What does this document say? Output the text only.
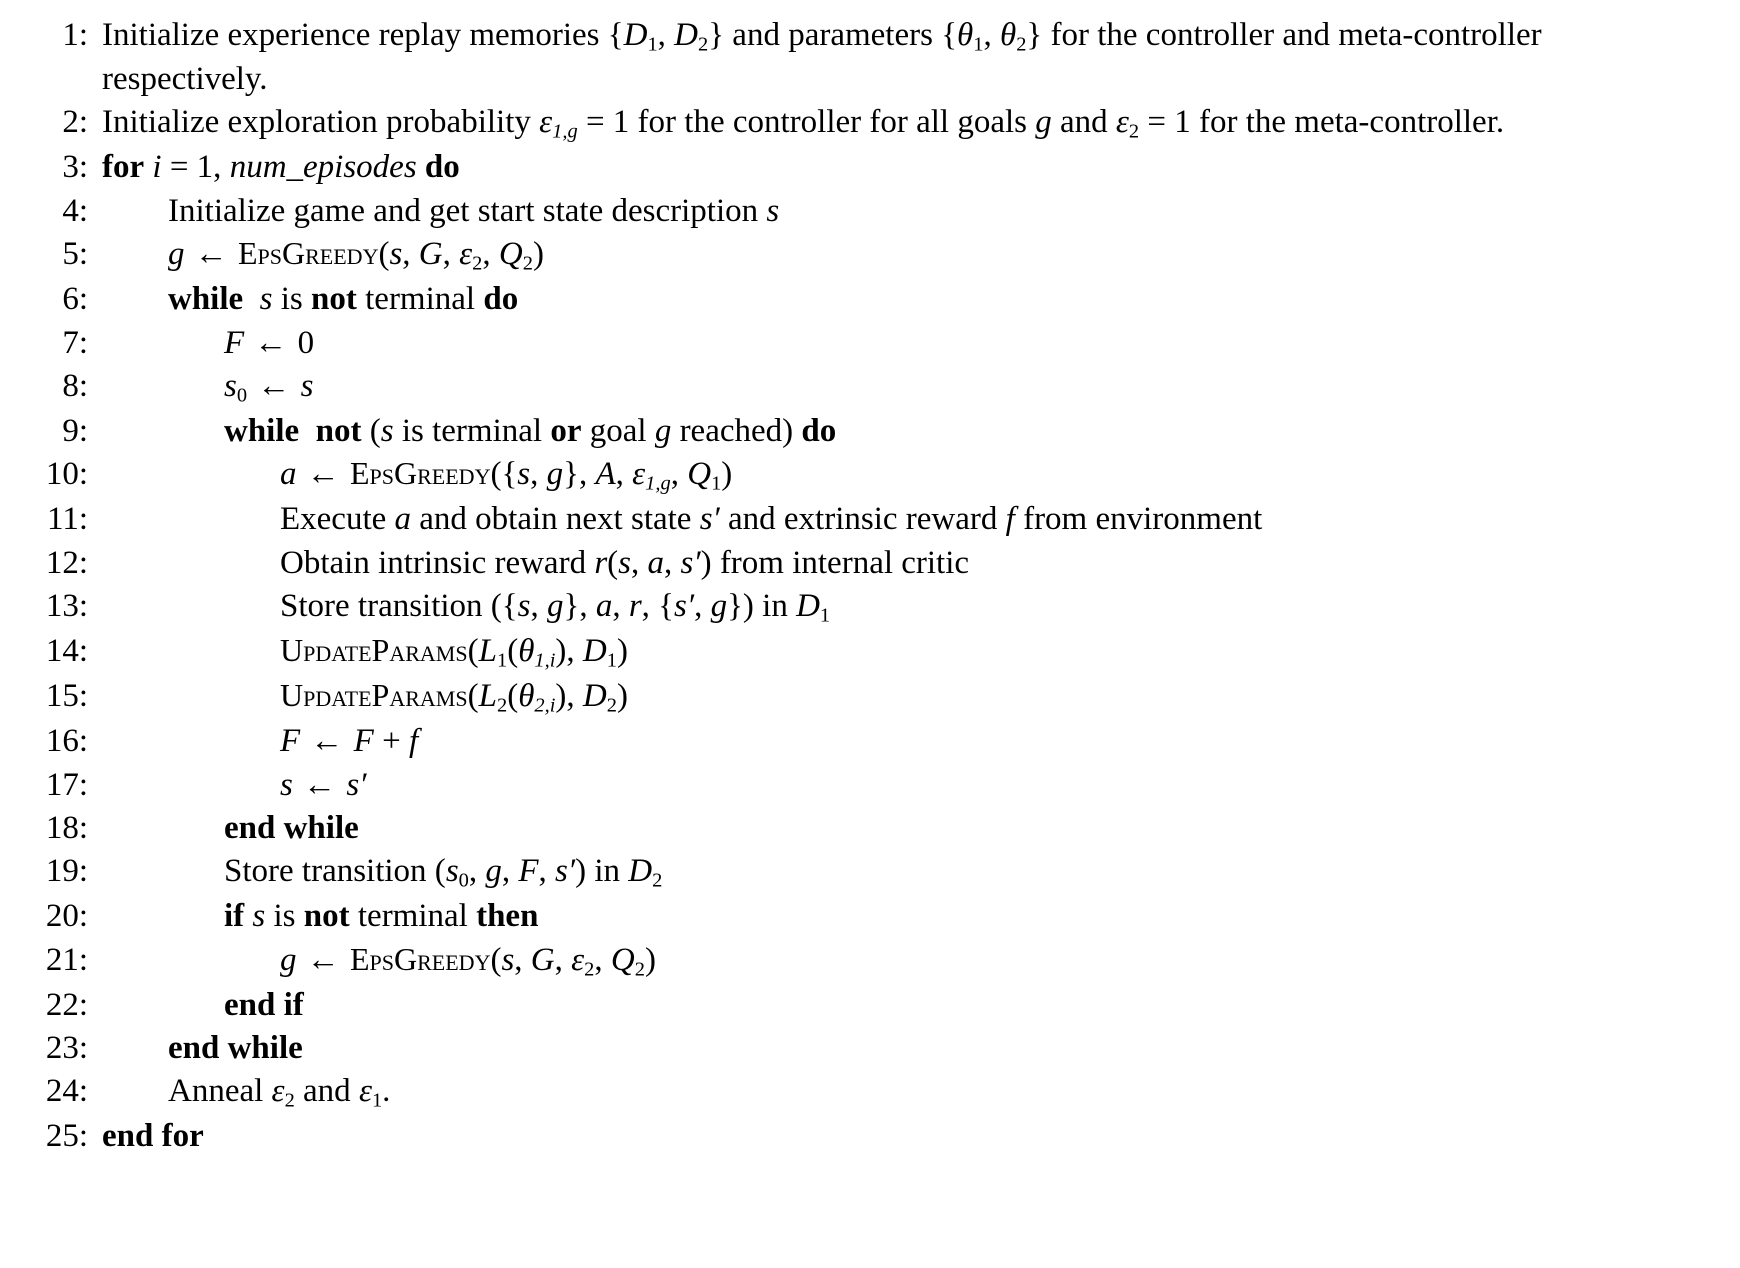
1: Initialize experience replay memories {$D_1$, $D_2$} and parameters {$\theta_1$, $\theta_2$} for the controller and meta-controller respectively.
2: Initialize exploration probability $\varepsilon_{1,g} = 1$ for the controller for all goals g and $\varepsilon_2 = 1$ for the meta-controller.
3: for i = 1, num_episodes do
4:	Initialize game and get start state description s
5:	g ← EpsGreedy(s, G, $\varepsilon_2$, $Q_2$)
6:	while s is not terminal do
7:	F ← 0
8:	$s_0$ ← s
9:	while not (s is terminal or goal g reached) do
10:	a ← EpsGreedy({s, g}, A, $\varepsilon_{1,g}$, $Q_1$)
11:	Execute a and obtain next state s′ and extrinsic reward f from environment
12:	Obtain intrinsic reward r(s, a, s′) from internal critic
13:	Store transition ({s, g}, a, r, {s′, g}) in $D_1$
14:	$UpdateParams(L_1(\theta_{1,i})$, $D_1$)
15:	$UpdateParams(L_2(\theta_{2,i})$, $D_2$)
16:	F ← F + f
17:	s ← s′
18:	end while
19:	Store transition ($s_0$, g, F, s′) in $D_2$
20:	if s is not terminal then
21:	g ← EpsGreedy(s, G, $\varepsilon_2$, $Q_2$)
22:	end if
23:	end while
24:	Anneal $\varepsilon_2$ and $\varepsilon_1$.
25: end for
